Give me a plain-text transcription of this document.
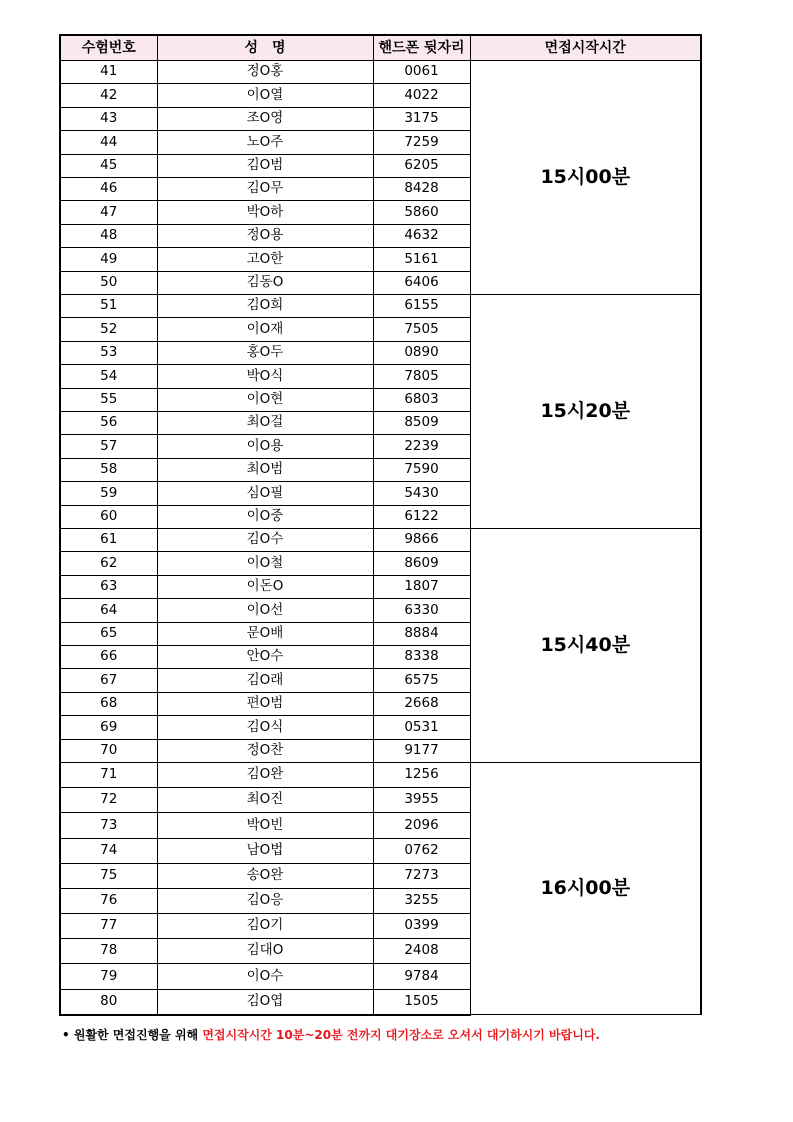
수험번호	성　명	핸드폰 뒷자리	면접시작시간
41	정O홍	0061	15시00분
42	이O열	4022	
43	조O영	3175	
44	노O주	7259	
45	김O범	6205	
46	김O무	8428	
47	박O하	5860	
48	정O용	4632	
49	고O한	5161	
50	김동O	6406	
51	김O희	6155	15시20분
52	이O재	7505	
53	홍O두	0890	
54	박O식	7805	
55	이O현	6803	
56	최O걸	8509	
57	이O용	2239	
58	최O범	7590	
59	심O필	5430	
60	이O중	6122	
61	김O수	9866	15시40분
62	이O철	8609	
63	이돈O	1807	
64	이O선	6330	
65	문O배	8884	
66	안O수	8338	
67	김O래	6575	
68	편O범	2668	
69	김O식	0531	
70	정O찬	9177	
71	김O완	1256	16시00분
72	최O진	3955	
73	박O빈	2096	
74	남O법	0762	
75	송O완	7273	
76	김O응	3255	
77	김O기	0399	
78	김대O	2408	
79	이O수	9784	
80	김O엽	1505	
• 원활한 면접진행을 위해 면접시작시간 10분~20분 전까지 대기장소로 오셔서 대기하시기 바랍니다.
